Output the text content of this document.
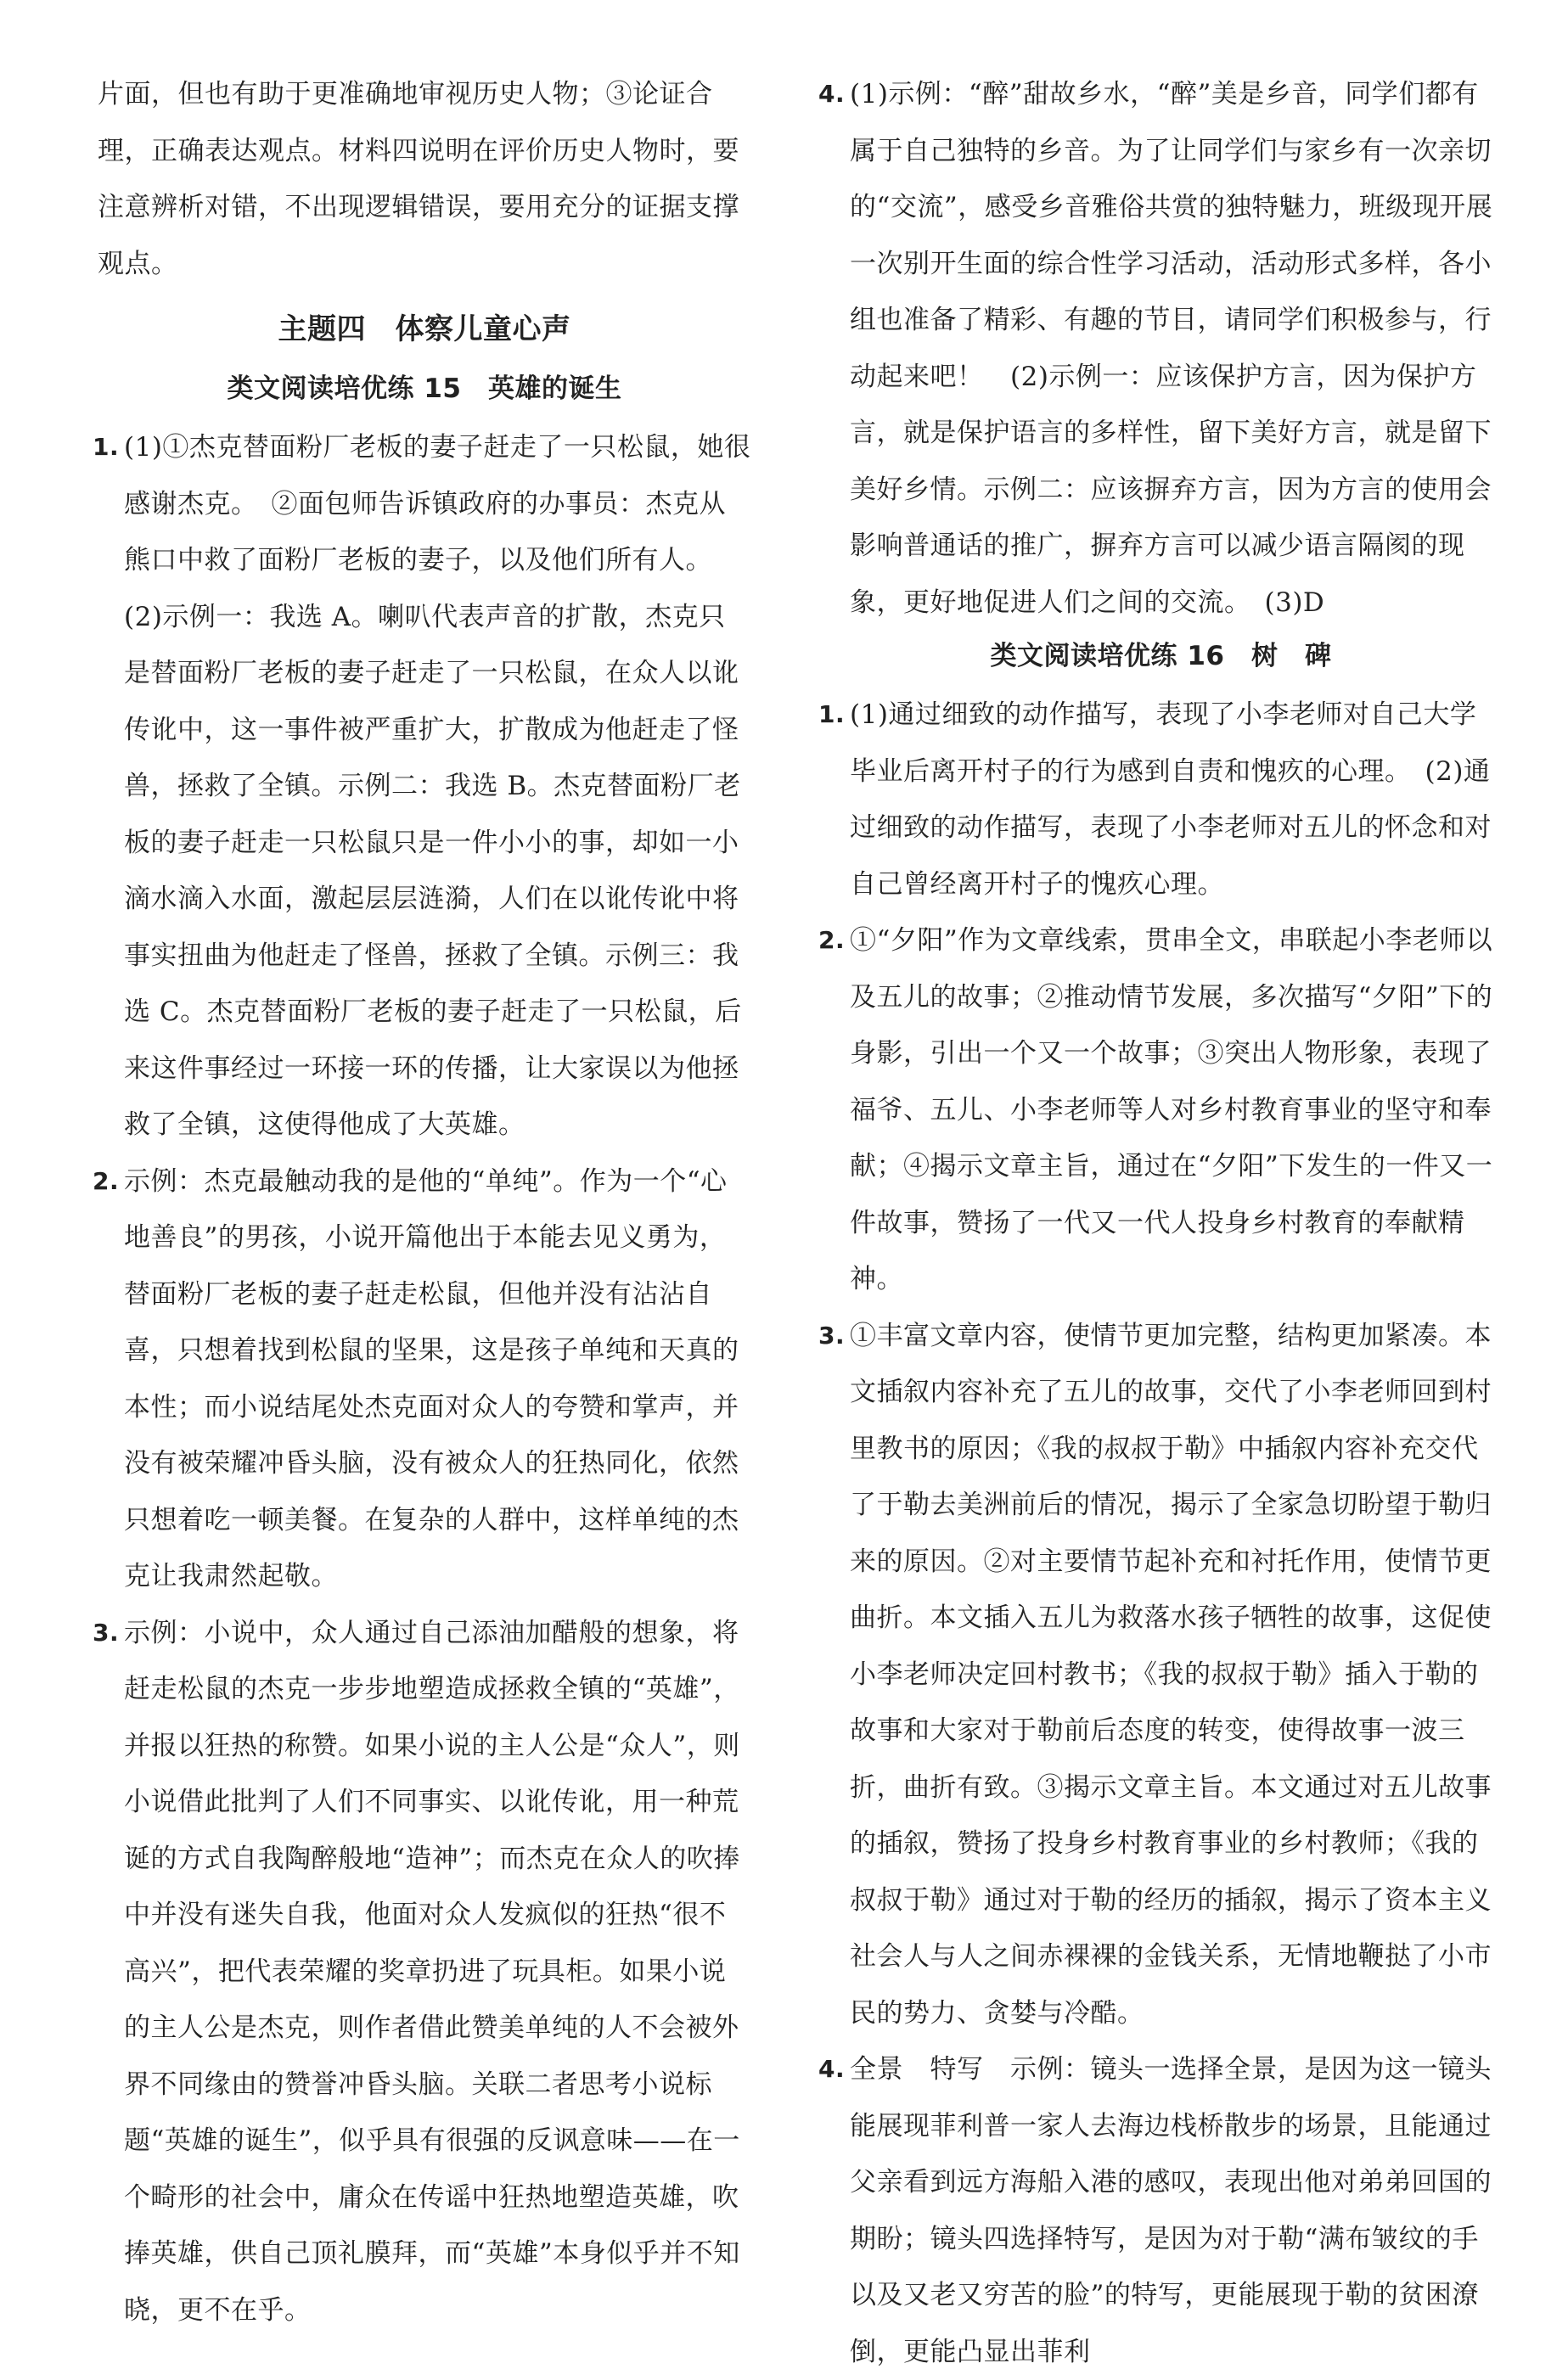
片面，但也有助于更准确地审视历史人物；③论证合理，正确表达观点。材料四说明在评价历史人物时，要注意辨析对错，不出现逻辑错误，要用充分的证据支撑观点。

主题四　体察儿童心声
类文阅读培优练 15　英雄的诞生
1. (1)①杰克替面粉厂老板的妻子赶走了一只松鼠，她很感谢杰克。　②面包师告诉镇政府的办事员：杰克从熊口中救了面粉厂老板的妻子，以及他们所有人。　(2)示例一：我选 A。喇叭代表声音的扩散，杰克只是替面粉厂老板的妻子赶走了一只松鼠，在众人以讹传讹中，这一事件被严重扩大，扩散成为他赶走了怪兽，拯救了全镇。示例二：我选 B。杰克替面粉厂老板的妻子赶走一只松鼠只是一件小小的事，却如一小滴水滴入水面，激起层层涟漪，人们在以讹传讹中将事实扭曲为他赶走了怪兽，拯救了全镇。示例三：我选 C。杰克替面粉厂老板的妻子赶走了一只松鼠，后来这件事经过一环接一环的传播，让大家误以为他拯救了全镇，这使得他成了大英雄。
2. 示例：杰克最触动我的是他的“单纯”。作为一个“心地善良”的男孩，小说开篇他出于本能去见义勇为，替面粉厂老板的妻子赶走松鼠，但他并没有沾沾自喜，只想着找到松鼠的坚果，这是孩子单纯和天真的本性；而小说结尾处杰克面对众人的夸赞和掌声，并没有被荣耀冲昏头脑，没有被众人的狂热同化，依然只想着吃一顿美餐。在复杂的人群中，这样单纯的杰克让我肃然起敬。
3. 示例：小说中，众人通过自己添油加醋般的想象，将赶走松鼠的杰克一步步地塑造成拯救全镇的“英雄”，并报以狂热的称赞。如果小说的主人公是“众人”，则小说借此批判了人们不同事实、以讹传讹，用一种荒诞的方式自我陶醉般地“造神”；而杰克在众人的吹捧中并没有迷失自我，他面对众人发疯似的狂热“很不高兴”，把代表荣耀的奖章扔进了玩具柜。如果小说的主人公是杰克，则作者借此赞美单纯的人不会被外界不同缘由的赞誉冲昏头脑。关联二者思考小说标题“英雄的诞生”，似乎具有很强的反讽意味——在一个畸形的社会中，庸众在传谣中狂热地塑造英雄，吹捧英雄，供自己顶礼膜拜，而“英雄”本身似乎并不知晓，更不在乎。
4. (1)示例：“醉”甜故乡水，“醉”美是乡音，同学们都有属于自己独特的乡音。为了让同学们与家乡有一次亲切的“交流”，感受乡音雅俗共赏的独特魅力，班级现开展一次别开生面的综合性学习活动，活动形式多样，各小组也准备了精彩、有趣的节目，请同学们积极参与，行动起来吧！　(2)示例一：应该保护方言，因为保护方言，就是保护语言的多样性，留下美好方言，就是留下美好乡情。示例二：应该摒弃方言，因为方言的使用会影响普通话的推广，摒弃方言可以减少语言隔阂的现象，更好地促进人们之间的交流。　(3)D
类文阅读培优练 16　树　碑
1. (1)通过细致的动作描写，表现了小李老师对自己大学毕业后离开村子的行为感到自责和愧疚的心理。　(2)通过细致的动作描写，表现了小李老师对五儿的怀念和对自己曾经离开村子的愧疚心理。
2. ①“夕阳”作为文章线索，贯串全文，串联起小李老师以及五儿的故事；②推动情节发展，多次描写“夕阳”下的身影，引出一个又一个故事；③突出人物形象，表现了福爷、五儿、小李老师等人对乡村教育事业的坚守和奉献；④揭示文章主旨，通过在“夕阳”下发生的一件又一件故事，赞扬了一代又一代人投身乡村教育的奉献精神。
3. ①丰富文章内容，使情节更加完整，结构更加紧凑。本文插叙内容补充了五儿的故事，交代了小李老师回到村里教书的原因；《我的叔叔于勒》中插叙内容补充交代了于勒去美洲前后的情况，揭示了全家急切盼望于勒归来的原因。②对主要情节起补充和衬托作用，使情节更曲折。本文插入五儿为救落水孩子牺牲的故事，这促使小李老师决定回村教书；《我的叔叔于勒》插入于勒的故事和大家对于勒前后态度的转变，使得故事一波三折，曲折有致。③揭示文章主旨。本文通过对五儿故事的插叙，赞扬了投身乡村教育事业的乡村教师；《我的叔叔于勒》通过对于勒的经历的插叙，揭示了资本主义社会人与人之间赤裸裸的金钱关系，无情地鞭挞了小市民的势力、贪婪与冷酷。
4. 全景　特写　示例：镜头一选择全景，是因为这一镜头能展现菲利普一家人去海边栈桥散步的场景，且能通过父亲看到远方海船入港的感叹，表现出他对弟弟回国的期盼；镜头四选择特写，是因为对于勒“满布皱纹的手以及又老又穷苦的脸”的特写，更能展现于勒的贫困潦倒，更能凸显出菲利
